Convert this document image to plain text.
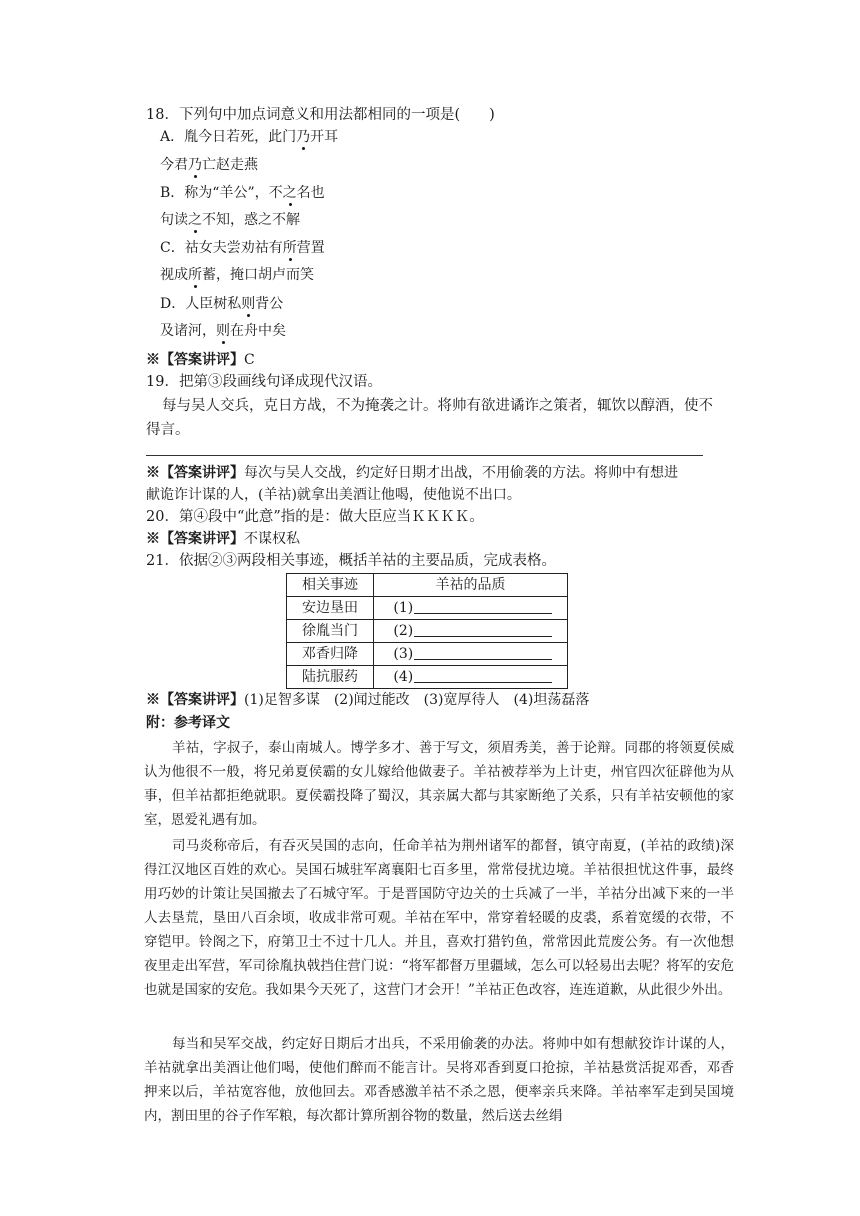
18．下列句中加点词意义和用法都相同的一项是(　　)
A．胤今日若死，此门乃开耳
今君乃亡赵走燕
B．称为“羊公”，不之名也
句读之不知，惑之不解
C．祜女夫尝劝祜有所营置
视成所蓄，掩口胡卢而笑
D．人臣树私则背公
及诸河，则在舟中矣
※【答案讲评】C
19．把第③段画线句译成现代汉语。
每与吴人交兵，克日方战，不为掩袭之计。将帅有欲进谲诈之策者，辄饮以醇酒，使不
得言。
※【答案讲评】每次与吴人交战，约定好日期才出战，不用偷袭的方法。将帅中有想进
献诡诈计谋的人，(羊祜)就拿出美酒让他喝，使他说不出口。
20．第④段中“此意”指的是：做大臣应当ＫＫＫＫ。
※【答案讲评】不谋权私
21．依据②③两段相关事迹，概括羊祜的主要品质，完成表格。
相关事迹	羊祜的品质
安边垦田	(1)
徐胤当门	(2)
邓香归降	(3)
陆抗服药	(4)
※【答案讲评】(1)足智多谋　(2)闻过能改　(3)宽厚待人　(4)坦荡磊落
附：参考译文
羊祜，字叔子，泰山南城人。博学多才、善于写文，须眉秀美，善于论辩。同郡的将领夏侯威认为他很不一般，将兄弟夏侯霸的女儿嫁给他做妻子。羊祜被荐举为上计吏，州官四次征辟他为从事，但羊祜都拒绝就职。夏侯霸投降了蜀汉，其亲属大都与其家断绝了关系，只有羊祜安顿他的家室，恩爱礼遇有加。
司马炎称帝后，有吞灭吴国的志向，任命羊祜为荆州诸军的都督，镇守南夏，(羊祜的政绩)深得江汉地区百姓的欢心。吴国石城驻军离襄阳七百多里，常常侵扰边境。羊祜很担忧这件事，最终用巧妙的计策让吴国撤去了石城守军。于是晋国防守边关的士兵减了一半，羊祜分出减下来的一半人去垦荒，垦田八百余顷，收成非常可观。羊祜在军中，常穿着轻暖的皮裘，系着宽缓的衣带，不穿铠甲。铃阁之下，府第卫士不过十几人。并且，喜欢打猎钓鱼，常常因此荒废公务。有一次他想夜里走出军营，军司徐胤执戟挡住营门说：“将军都督万里疆域，怎么可以轻易出去呢？将军的安危也就是国家的安危。我如果今天死了，这营门才会开！”羊祜正色改容，连连道歉，从此很少外出。
每当和吴军交战，约定好日期后才出兵，不采用偷袭的办法。将帅中如有想献狡诈计谋的人，羊祜就拿出美酒让他们喝，使他们醉而不能言计。吴将邓香到夏口抢掠，羊祜悬赏活捉邓香，邓香押来以后，羊祜宽容他，放他回去。邓香感激羊祜不杀之恩，便率亲兵来降。羊祜率军走到吴国境内，割田里的谷子作军粮，每次都计算所割谷物的数量，然后送去丝绢
